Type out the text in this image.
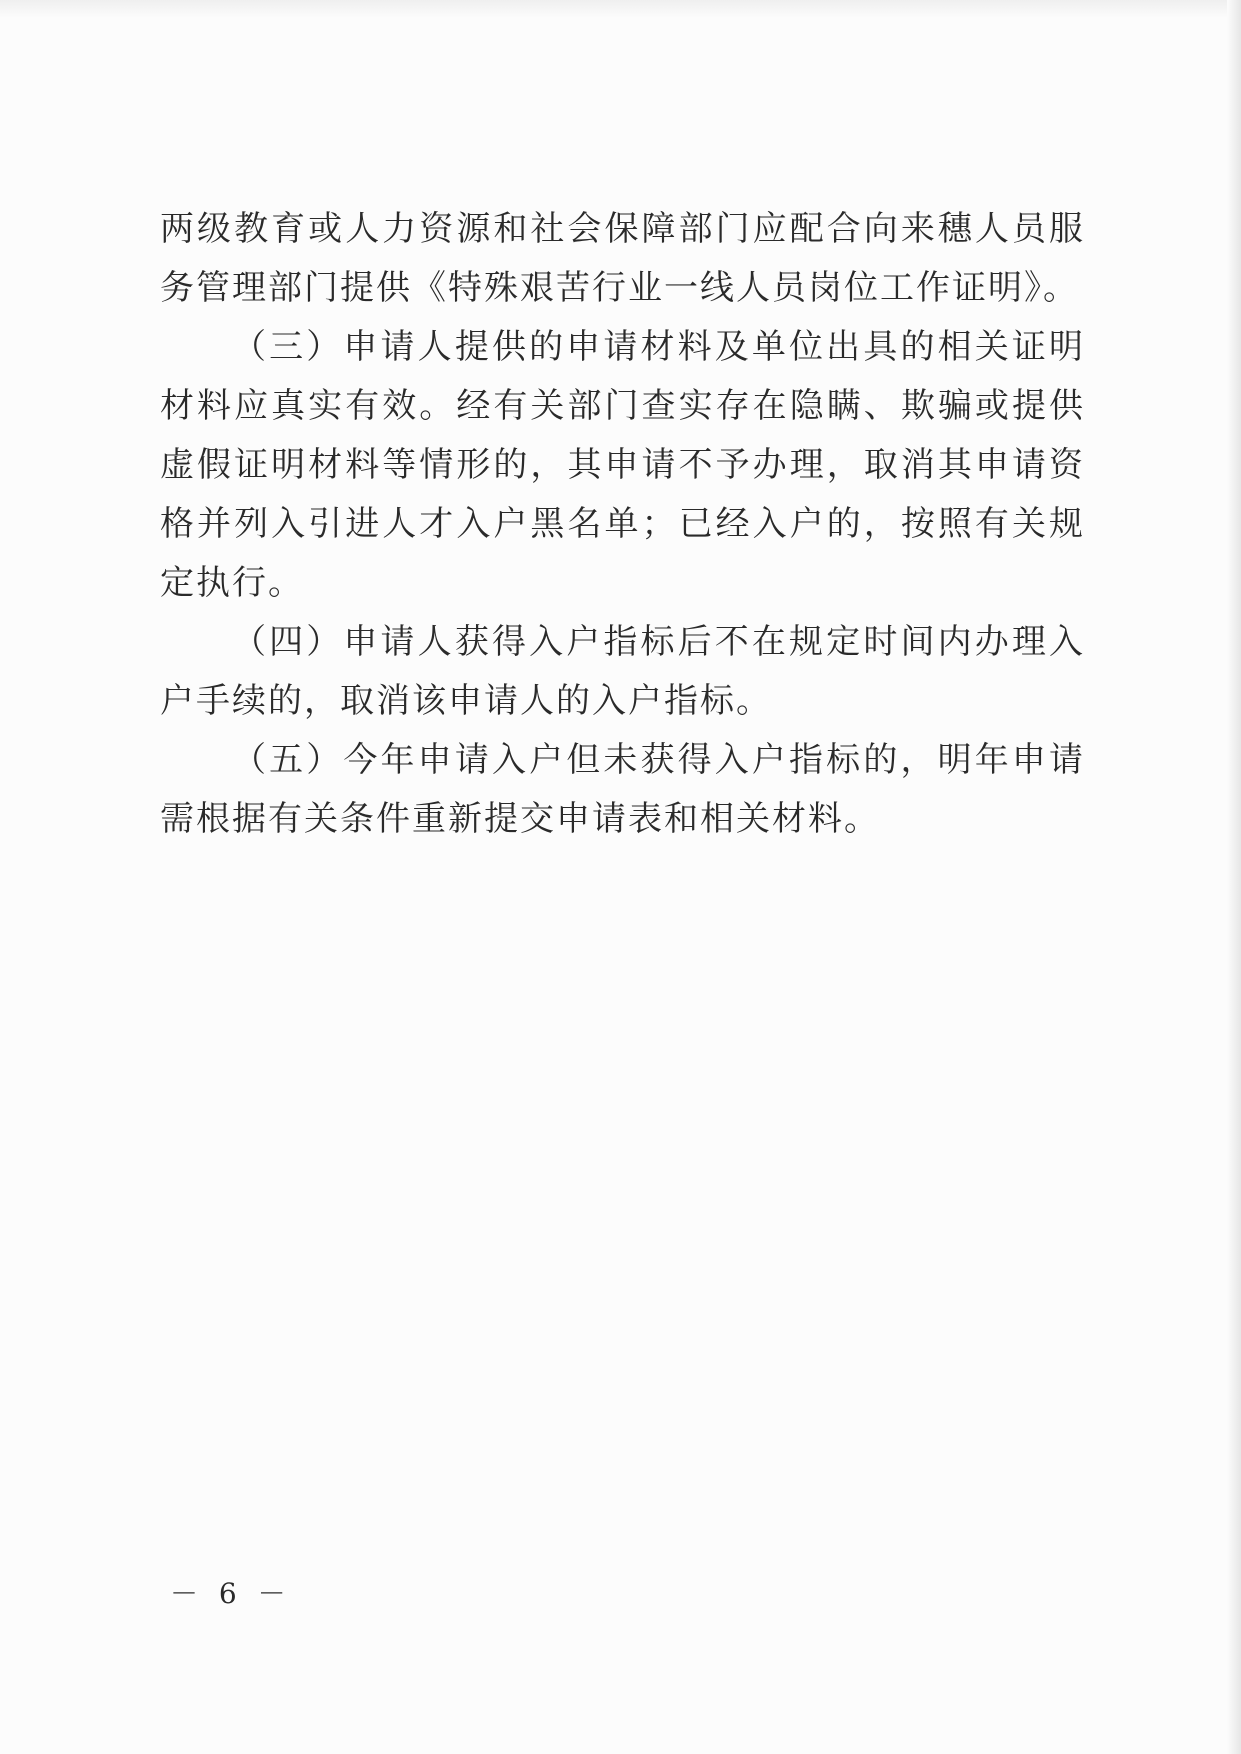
两级教育或人力资源和社会保障部门应配合向来穗人员服务管理部门提供《特殊艰苦行业一线人员岗位工作证明》。

（三）申请人提供的申请材料及单位出具的相关证明材料应真实有效。经有关部门查实存在隐瞒、欺骗或提供虚假证明材料等情形的，其申请不予办理，取消其申请资格并列入引进人才入户黑名单；已经入户的，按照有关规定执行。

（四）申请人获得入户指标后不在规定时间内办理入户手续的，取消该申请人的入户指标。

（五）今年申请入户但未获得入户指标的，明年申请需根据有关条件重新提交申请表和相关材料。

－ 6 －
